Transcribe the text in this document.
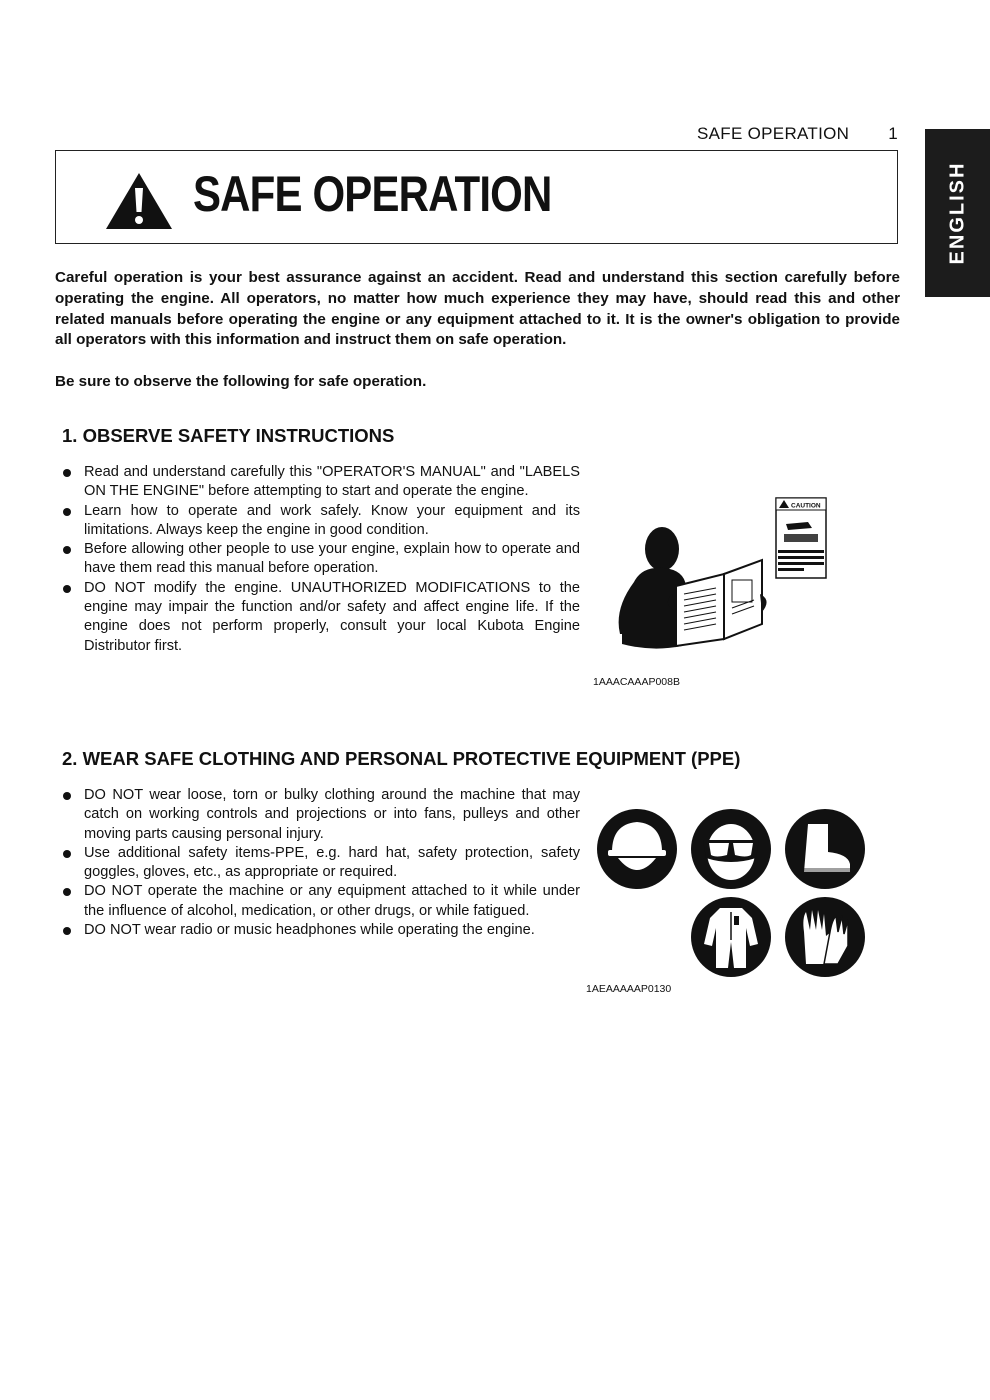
SAFE OPERATION 1
ENGLISH
SAFE OPERATION

Careful operation is your best assurance against an accident. Read and understand this section carefully before operating the engine. All operators, no matter how much experience they may have, should read this and other related manuals before operating the engine or any equipment attached to it. It is the owner's obligation to provide all operators with this information and instruct them on safe operation.

Be sure to observe the following for safe operation.

1. OBSERVE SAFETY INSTRUCTIONS
Read and understand carefully this "OPERATOR'S MANUAL" and "LABELS ON THE ENGINE" before attempting to start and operate the engine.
Learn how to operate and work safely. Know your equipment and its limitations. Always keep the engine in good condition.
Before allowing other people to use your engine, explain how to operate and have them read this manual before operation.
DO NOT modify the engine. UNAUTHORIZED MODIFICATIONS to the engine may impair the function and/or safety and affect engine life. If the engine does not perform properly, consult your local Kubota Engine Distributor first.
CAUTION
1AAACAAAP008B
2. WEAR SAFE CLOTHING AND PERSONAL PROTECTIVE EQUIPMENT (PPE)
DO NOT wear loose, torn or bulky clothing around the machine that may catch on working controls and projections or into fans, pulleys and other moving parts causing personal injury.
Use additional safety items-PPE, e.g. hard hat, safety protection, safety goggles, gloves, etc., as appropriate or required.
DO NOT operate the machine or any equipment attached to it while under the influence of alcohol, medication, or other drugs, or while fatigued.
DO NOT wear radio or music headphones while operating the engine.
1AEAAAAAP0130
